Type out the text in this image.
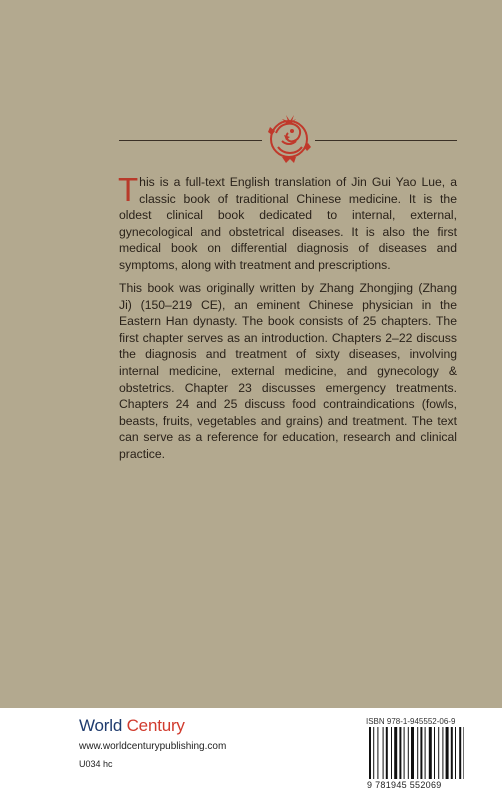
This is a full-text English translation of Jin Gui Yao Lue, a classic book of traditional Chinese medicine. It is the oldest clinical book dedicated to internal, external, gynecological and obstetrical diseases. It is also the first medical book on differential diagnosis of diseases and symptoms, along with treatment and prescriptions.

This book was originally written by Zhang Zhongjing (Zhang Ji) (150–219 CE), an eminent Chinese physician in the Eastern Han dynasty. The book consists of 25 chapters. The first chapter serves as an introduction. Chapters 2–22 discuss the diagnosis and treatment of sixty diseases, involving internal medicine, external medicine, and gynecology & obstetrics. Chapter 23 discusses emergency treatments. Chapters 24 and 25 discuss food contraindications (fowls, beasts, fruits, vegetables and grains) and treatment. The text can serve as a reference for education, research and clinical practice.

World Century
www.worldcenturypublishing.com
U034 hc
ISBN 978-1-945552-06-9
9 781945 552069
